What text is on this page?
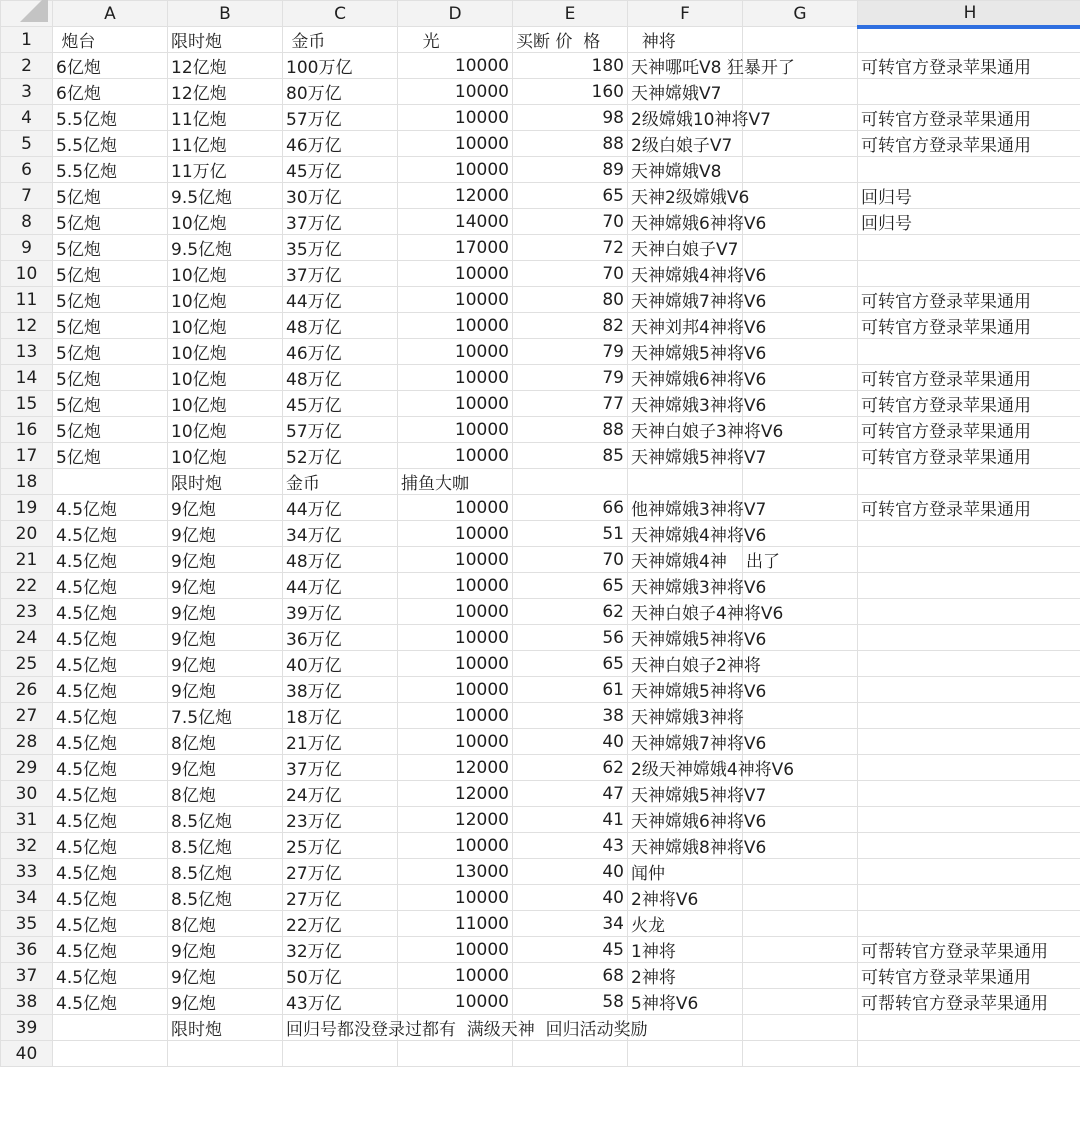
	A	B	C	D	E	F	G	H
1	炮台	限时炮	金币	光	买断 价  格	神将		
2	6亿炮	12亿炮	100万亿	10000	180	天神哪吒V8 狂暴开了		可转官方登录苹果通用
3	6亿炮	12亿炮	80万亿	10000	160	天神嫦娥V7		
4	5.5亿炮	11亿炮	57万亿	10000	98	2级嫦娥10神将V7		可转官方登录苹果通用
5	5.5亿炮	11亿炮	46万亿	10000	88	2级白娘子V7		可转官方登录苹果通用
6	5.5亿炮	11万亿	45万亿	10000	89	天神嫦娥V8		
7	5亿炮	9.5亿炮	30万亿	12000	65	天神2级嫦娥V6		回归号
8	5亿炮	10亿炮	37万亿	14000	70	天神嫦娥6神将V6		回归号
9	5亿炮	9.5亿炮	35万亿	17000	72	天神白娘子V7		
10	5亿炮	10亿炮	37万亿	10000	70	天神嫦娥4神将V6		
11	5亿炮	10亿炮	44万亿	10000	80	天神嫦娥7神将V6		可转官方登录苹果通用
12	5亿炮	10亿炮	48万亿	10000	82	天神刘邦4神将V6		可转官方登录苹果通用
13	5亿炮	10亿炮	46万亿	10000	79	天神嫦娥5神将V6		
14	5亿炮	10亿炮	48万亿	10000	79	天神嫦娥6神将V6		可转官方登录苹果通用
15	5亿炮	10亿炮	45万亿	10000	77	天神嫦娥3神将V6		可转官方登录苹果通用
16	5亿炮	10亿炮	57万亿	10000	88	天神白娘子3神将V6		可转官方登录苹果通用
17	5亿炮	10亿炮	52万亿	10000	85	天神嫦娥5神将V7		可转官方登录苹果通用
18		限时炮	金币	捕鱼大咖				
19	4.5亿炮	9亿炮	44万亿	10000	66	他神嫦娥3神将V7		可转官方登录苹果通用
20	4.5亿炮	9亿炮	34万亿	10000	51	天神嫦娥4神将V6		
21	4.5亿炮	9亿炮	48万亿	10000	70	天神嫦娥4神	出了	
22	4.5亿炮	9亿炮	44万亿	10000	65	天神嫦娥3神将V6		
23	4.5亿炮	9亿炮	39万亿	10000	62	天神白娘子4神将V6		
24	4.5亿炮	9亿炮	36万亿	10000	56	天神嫦娥5神将V6		
25	4.5亿炮	9亿炮	40万亿	10000	65	天神白娘子2神将		
26	4.5亿炮	9亿炮	38万亿	10000	61	天神嫦娥5神将V6		
27	4.5亿炮	7.5亿炮	18万亿	10000	38	天神嫦娥3神将		
28	4.5亿炮	8亿炮	21万亿	10000	40	天神嫦娥7神将V6		
29	4.5亿炮	9亿炮	37万亿	12000	62	2级天神嫦娥4神将V6		
30	4.5亿炮	8亿炮	24万亿	12000	47	天神嫦娥5神将V7		
31	4.5亿炮	8.5亿炮	23万亿	12000	41	天神嫦娥6神将V6		
32	4.5亿炮	8.5亿炮	25万亿	10000	43	天神嫦娥8神将V6		
33	4.5亿炮	8.5亿炮	27万亿	13000	40	闻仲		
34	4.5亿炮	8.5亿炮	27万亿	10000	40	2神将V6		
35	4.5亿炮	8亿炮	22万亿	11000	34	火龙		
36	4.5亿炮	9亿炮	32万亿	10000	45	1神将		可帮转官方登录苹果通用
37	4.5亿炮	9亿炮	50万亿	10000	68	2神将		可转官方登录苹果通用
38	4.5亿炮	9亿炮	43万亿	10000	58	5神将V6		可帮转官方登录苹果通用
39		限时炮	回归号都没登录过都有  满级天神  回归活动奖励					
40								
